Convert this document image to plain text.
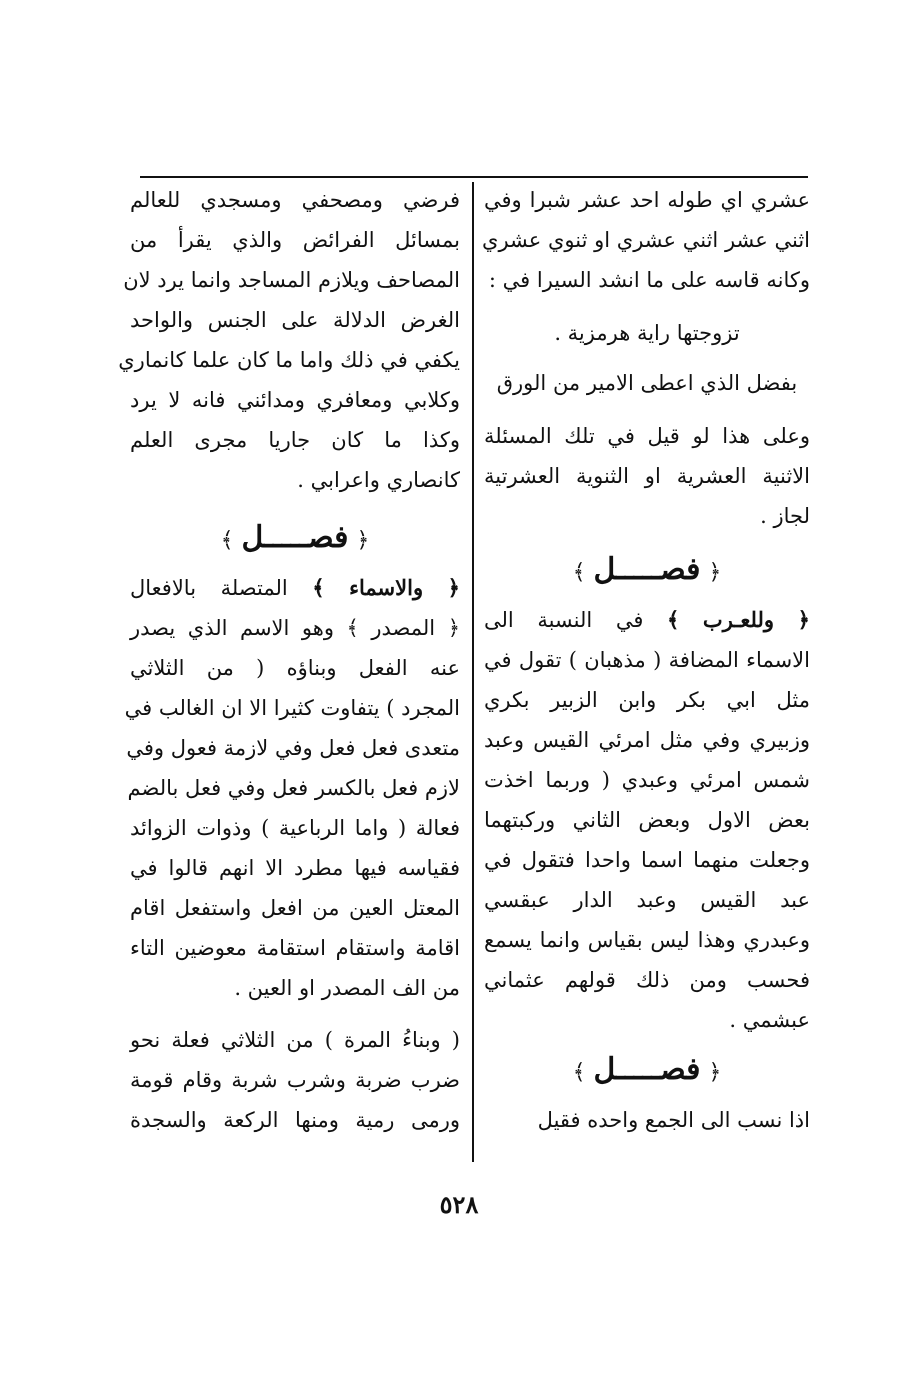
عشري اي طوله احد عشر شبرا وفي
اثني عشر اثني عشري او ثنوي عشري
وكانه قاسه على ما انشد السيرا في :
تزوجتها راية هرمزية .
بفضل الذي اعطى الامير من الورق
وعلى هذا لو قيل في تلك المسئلة
الاثنية العشرية او الثنوية العشرتية
لجاز .
﴿فصـــــل﴾
﴿ وللعـرب ﴾ في النسبة الى
الاسماء المضافة ( مذهبان ) تقول في
مثل ابي بكر وابن الزبير بكري
وزبيري وفي مثل امرئي القيس وعبد
شمس امرئي وعبدي ( وربما اخذت
بعض الاول وبعض الثاني وركبتهما
وجعلت منهما اسما واحدا فتقول في
عبد القيس وعبد الدار عبقسي
وعبدري وهذا ليس بقياس وانما يسمع
فحسب ومن ذلك قولهم عثماني
عبشمي .
﴿فصـــــل﴾
اذا نسب الى الجمع واحده فقيل
فرضي ومصحفي ومسجدي للعالم
بمسائل الفرائض والذي يقرأ من
المصاحف ويلازم المساجد وانما يرد لان
الغرض الدلالة على الجنس والواحد
يكفي في ذلك واما ما كان علما كانماري
وكلابي ومعافري ومدائني فانه لا يرد
وكذا ما كان جاريا مجرى العلم
كانصاري واعرابي .
﴿فصـــــل﴾
﴿ والاسماء ﴾ المتصلة بالافعال
﴿ المصدر ﴾ وهو الاسم الذي يصدر
عنه الفعل وبناؤه ( من الثلاثي
المجرد ) يتفاوت كثيرا الا ان الغالب في
متعدى فعل فعل وفي لازمة فعول وفي
لازم فعل بالكسر فعل وفي فعل بالضم
فعالة ( واما الرباعية ) وذوات الزوائد
فقياسه فيها مطرد الا انهم قالوا في
المعتل العين من افعل واستفعل اقام
اقامة واستقام استقامة معوضين التاء
من الف المصدر او العين .
( وبناءُ المرة ) من الثلاثي فعلة نحو
ضرب ضربة وشرب شربة وقام قومة
ورمى رمية ومنها الركعة والسجدة
٥٢٨
